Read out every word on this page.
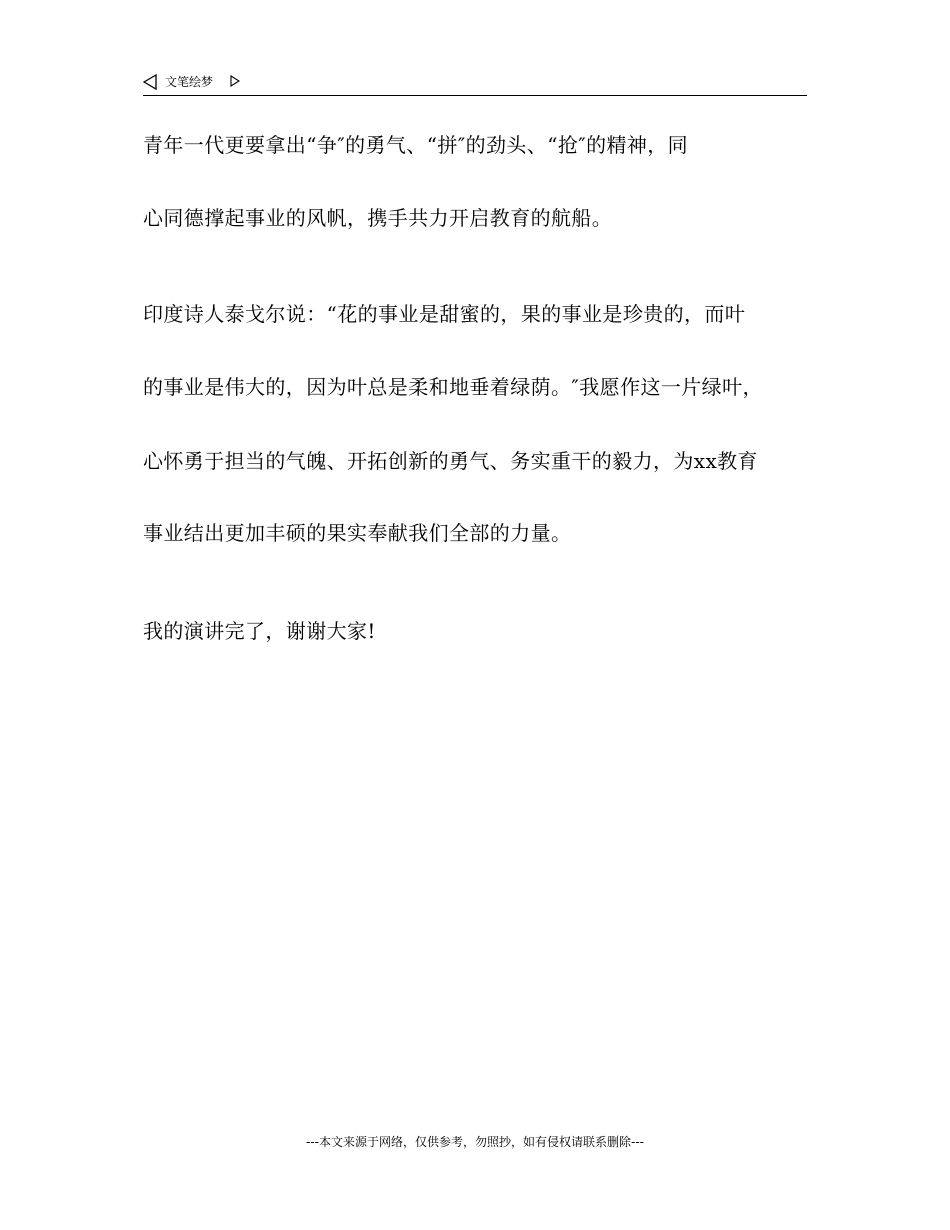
文笔绘梦
青年一代更要拿出“争″的勇气、“拼″的劲头、“抢″的精神，同
心同德撑起事业的风帆，携手共力开启教育的航船。
印度诗人泰戈尔说：“花的事业是甜蜜的，果的事业是珍贵的，而叶
的事业是伟大的，因为叶总是柔和地垂着绿荫。″我愿作这一片绿叶，
心怀勇于担当的气魄、开拓创新的勇气、务实重干的毅力，为xx教育
事业结出更加丰硕的果实奉献我们全部的力量。
我的演讲完了，谢谢大家!
---本文来源于网络，仅供参考，勿照抄，如有侵权请联系删除---
